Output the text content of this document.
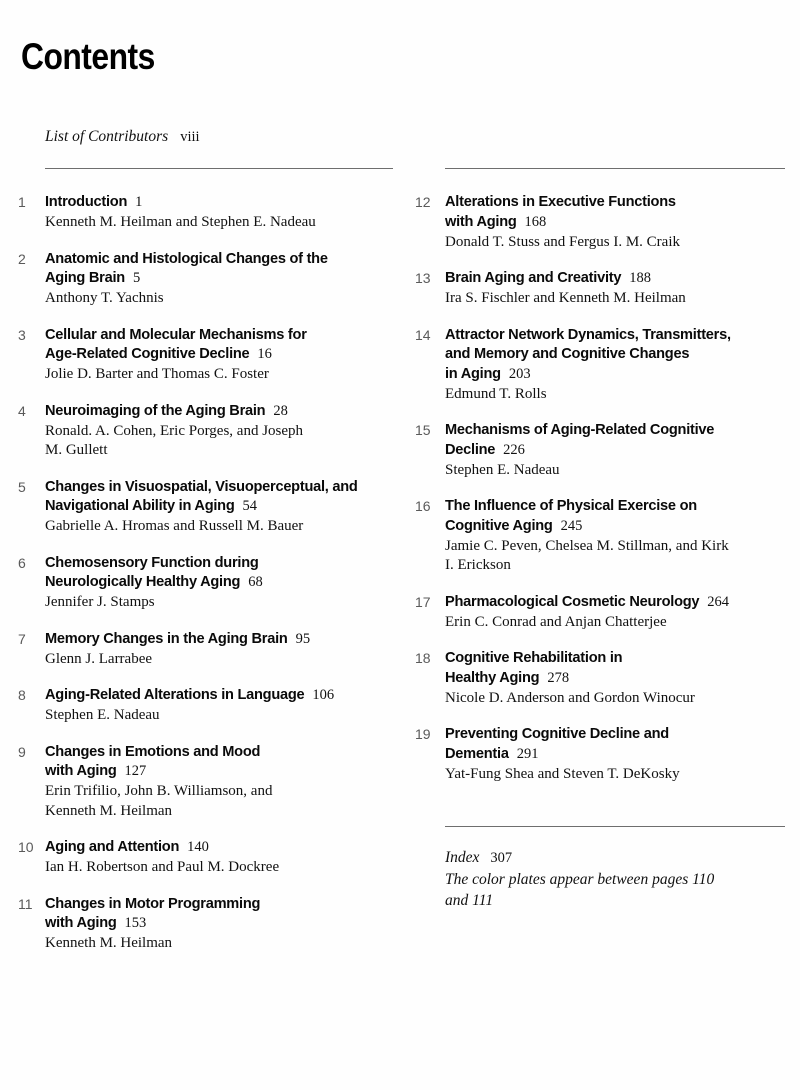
Contents
List of Contributors viii
1	Introduction 1
Kenneth M. Heilman and Stephen E. Nadeau
2	Anatomic and Histological Changes of the
Aging Brain 5
Anthony T. Yachnis
3	Cellular and Molecular Mechanisms for
Age-Related Cognitive Decline 16
Jolie D. Barter and Thomas C. Foster
4	Neuroimaging of the Aging Brain 28
Ronald. A. Cohen, Eric Porges, and Joseph
M. Gullett
5	Changes in Visuospatial, Visuoperceptual, and
Navigational Ability in Aging 54
Gabrielle A. Hromas and Russell M. Bauer
6	Chemosensory Function during
Neurologically Healthy Aging 68
Jennifer J. Stamps
7	Memory Changes in the Aging Brain 95
Glenn J. Larrabee
8	Aging-Related Alterations in Language 106
Stephen E. Nadeau
9	Changes in Emotions and Mood
with Aging 127
Erin Trifilio, John B. Williamson, and
Kenneth M. Heilman
10 Aging and Attention 140
Ian H. Robertson and Paul M. Dockree
11 Changes in Motor Programming
with Aging 153
Kenneth M. Heilman
12 Alterations in Executive Functions
with Aging 168
Donald T. Stuss and Fergus I. M. Craik
13 Brain Aging and Creativity 188
Ira S. Fischler and Kenneth M. Heilman
14 Attractor Network Dynamics, Transmitters,
and Memory and Cognitive Changes
in Aging 203
Edmund T. Rolls
15 Mechanisms of Aging-Related Cognitive
Decline 226
Stephen E. Nadeau
16 The Influence of Physical Exercise on
Cognitive Aging 245
Jamie C. Peven, Chelsea M. Stillman, and Kirk
I. Erickson
17 Pharmacological Cosmetic Neurology 264
Erin C. Conrad and Anjan Chatterjee
18 Cognitive Rehabilitation in
Healthy Aging 278
Nicole D. Anderson and Gordon Winocur
19 Preventing Cognitive Decline and
Dementia 291
Yat-Fung Shea and Steven T. DeKosky
Index 307
The color plates appear between pages 110
and 111
